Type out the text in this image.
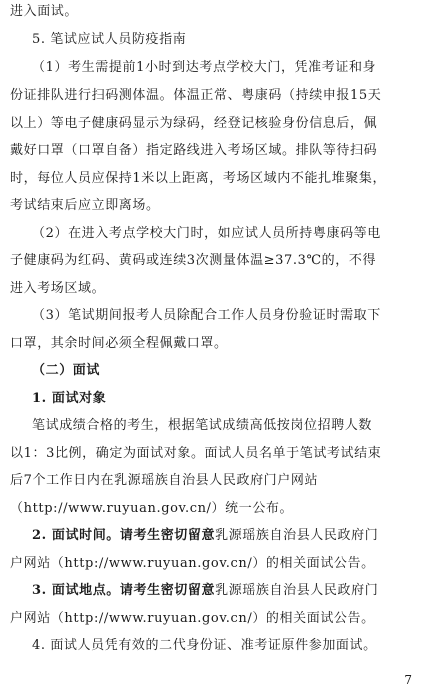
进入面试。
5. 笔试应试人员防疫指南
（1）考生需提前1小时到达考点学校大门，凭准考证和身
份证排队进行扫码测体温。体温正常、粤康码（持续申报15天
以上）等电子健康码显示为绿码，经登记核验身份信息后，佩
戴好口罩（口罩自备）指定路线进入考场区域。排队等待扫码
时，每位人员应保持1米以上距离，考场区域内不能扎堆聚集，
考试结束后应立即离场。
（2）在进入考点学校大门时，如应试人员所持粤康码等电
子健康码为红码、黄码或连续3次测量体温≥37.3℃的，不得
进入考场区域。
（3）笔试期间报考人员除配合工作人员身份验证时需取下
口罩，其余时间必须全程佩戴口罩。
（二）面试
1. 面试对象
笔试成绩合格的考生，根据笔试成绩高低按岗位招聘人数
以1：3比例，确定为面试对象。面试人员名单于笔试考试结束
后7个工作日内在乳源瑶族自治县人民政府门户网站
（http://www.ruyuan.gov.cn/）统一公布。
2. 面试时间。请考生密切留意乳源瑶族自治县人民政府门
户网站（http://www.ruyuan.gov.cn/）的相关面试公告。
3. 面试地点。请考生密切留意乳源瑶族自治县人民政府门
户网站（http://www.ruyuan.gov.cn/）的相关面试公告。
4. 面试人员凭有效的二代身份证、准考证原件参加面试。
7
